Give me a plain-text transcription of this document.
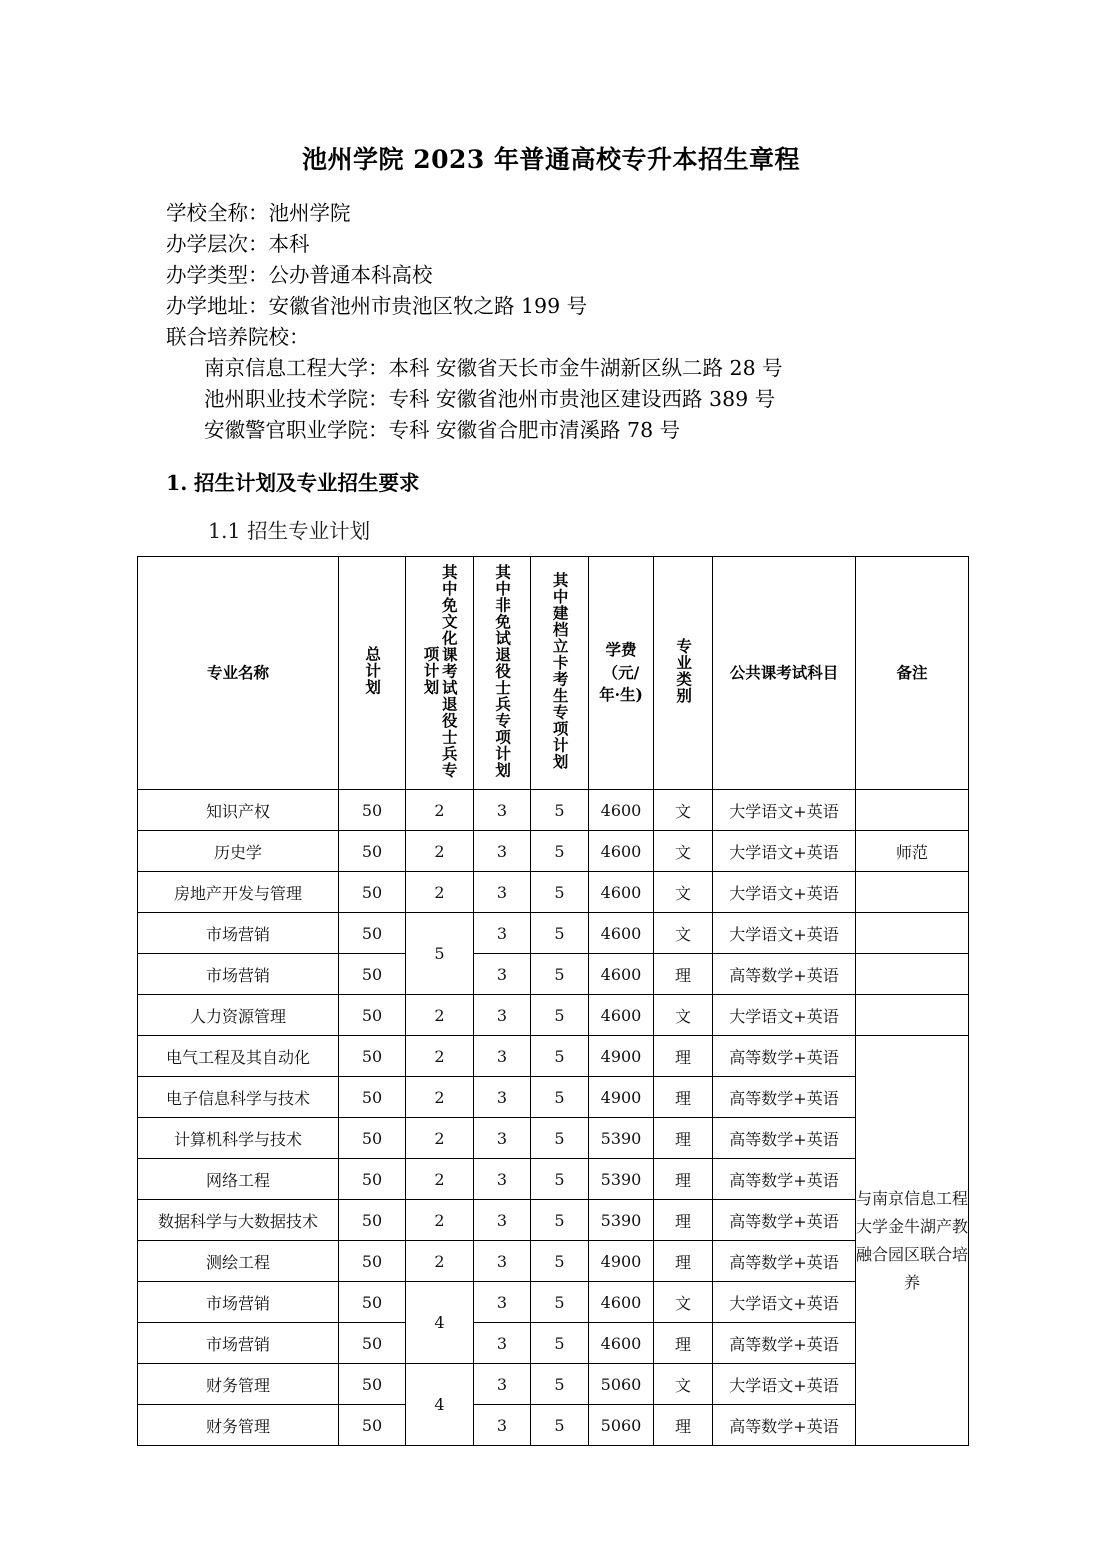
池州学院 2023 年普通高校专升本招生章程
学校全称：池州学院
办学层次：本科
办学类型：公办普通本科高校
办学地址：安徽省池州市贵池区牧之路 199 号
联合培养院校：
南京信息工程大学：本科 安徽省天长市金牛湖新区纵二路 28 号
池州职业技术学院：专科 安徽省池州市贵池区建设西路 389 号
安徽警官职业学院：专科 安徽省合肥市清溪路 78 号
1. 招生计划及专业招生要求
1.1 招生专业计划
专业名称	总计划	其中免文化课考试退役士兵专项计划	其中非免试退役士兵专项计划	其中建档立卡考生专项计划	学费（元/年·生)	专业类别	公共课考试科目	备注

知识产权	50	2	3	5	4600	文	大学语文+英语	
历史学	50	2	3	5	4600	文	大学语文+英语	师范
房地产开发与管理	50	2	3	5	4600	文	大学语文+英语	
市场营销	50	5	3	5	4600	文	大学语文+英语	
市场营销	50		3	5	4600	理	高等数学+英语	
人力资源管理	50	2	3	5	4600	文	大学语文+英语	
电气工程及其自动化	50	2	3	5	4900	理	高等数学+英语	与南京信息工程大学金牛湖产教融合园区联合培养
电子信息科学与技术	50	2	3	5	4900	理	高等数学+英语	
计算机科学与技术	50	2	3	5	5390	理	高等数学+英语	
网络工程	50	2	3	5	5390	理	高等数学+英语	
数据科学与大数据技术	50	2	3	5	5390	理	高等数学+英语	
测绘工程	50	2	3	5	4900	理	高等数学+英语	
市场营销	50	4	3	5	4600	文	大学语文+英语	
市场营销	50		3	5	4600	理	高等数学+英语	
财务管理	50	4	3	5	5060	文	大学语文+英语	
财务管理	50		3	5	5060	理	高等数学+英语	
